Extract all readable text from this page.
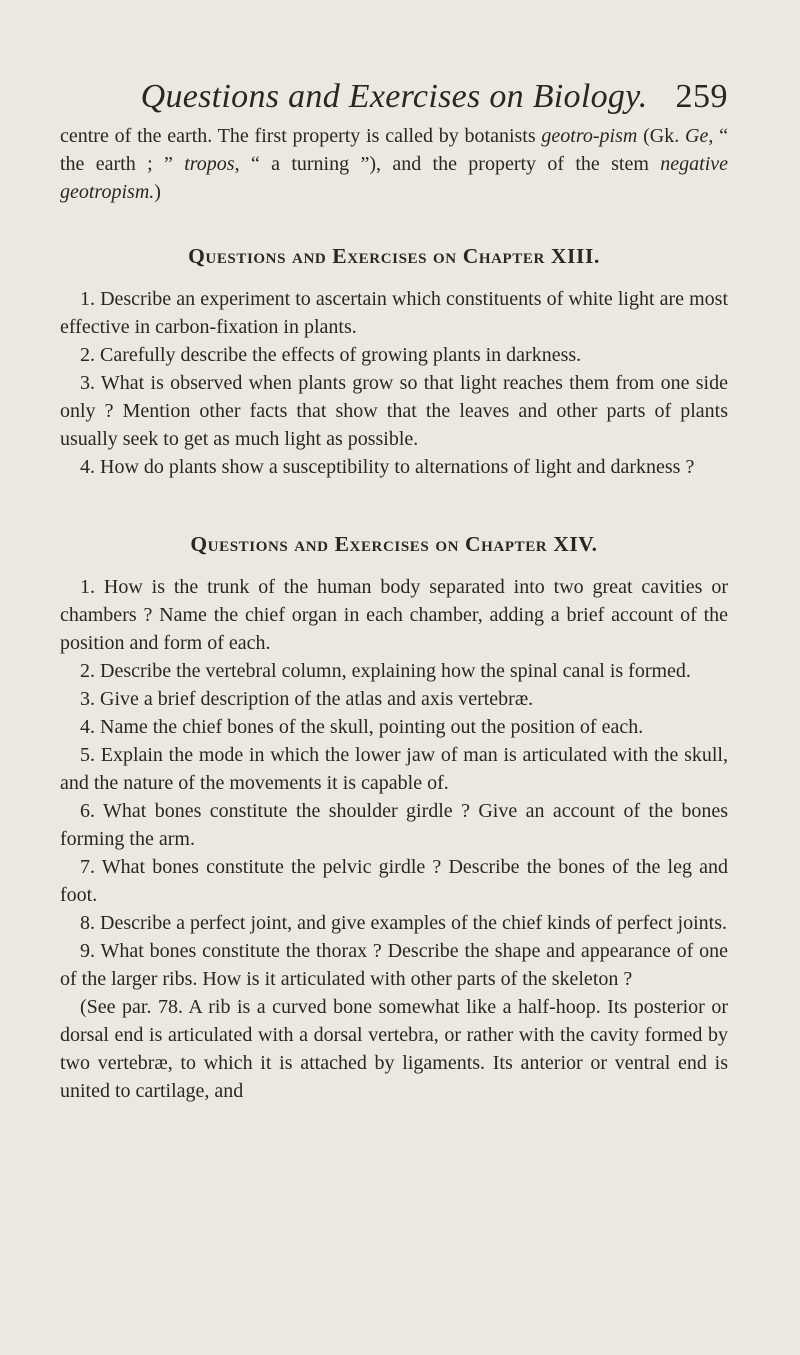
Questions and Exercises on Biology. 259

centre of the earth. The first property is called by botanists geotro-pism (Gk. Ge, “ the earth ; ” tropos, “ a turning ”), and the property of the stem negative geotropism.)

Questions and Exercises on Chapter XIII.

1. Describe an experiment to ascertain which constituents of white light are most effective in carbon-fixation in plants.

2. Carefully describe the effects of growing plants in darkness.

3. What is observed when plants grow so that light reaches them from one side only ? Mention other facts that show that the leaves and other parts of plants usually seek to get as much light as possible.

4. How do plants show a susceptibility to alternations of light and darkness ?

Questions and Exercises on Chapter XIV.

1. How is the trunk of the human body separated into two great cavities or chambers ? Name the chief organ in each chamber, adding a brief account of the position and form of each.

2. Describe the vertebral column, explaining how the spinal canal is formed.

3. Give a brief description of the atlas and axis vertebræ.

4. Name the chief bones of the skull, pointing out the position of each.

5. Explain the mode in which the lower jaw of man is articulated with the skull, and the nature of the movements it is capable of.

6. What bones constitute the shoulder girdle ? Give an account of the bones forming the arm.

7. What bones constitute the pelvic girdle ? Describe the bones of the leg and foot.

8. Describe a perfect joint, and give examples of the chief kinds of perfect joints.

9. What bones constitute the thorax ? Describe the shape and appearance of one of the larger ribs. How is it articulated with other parts of the skeleton ?

(See par. 78. A rib is a curved bone somewhat like a half-hoop. Its posterior or dorsal end is articulated with a dorsal vertebra, or rather with the cavity formed by two vertebræ, to which it is attached by ligaments. Its anterior or ventral end is united to cartilage, and
